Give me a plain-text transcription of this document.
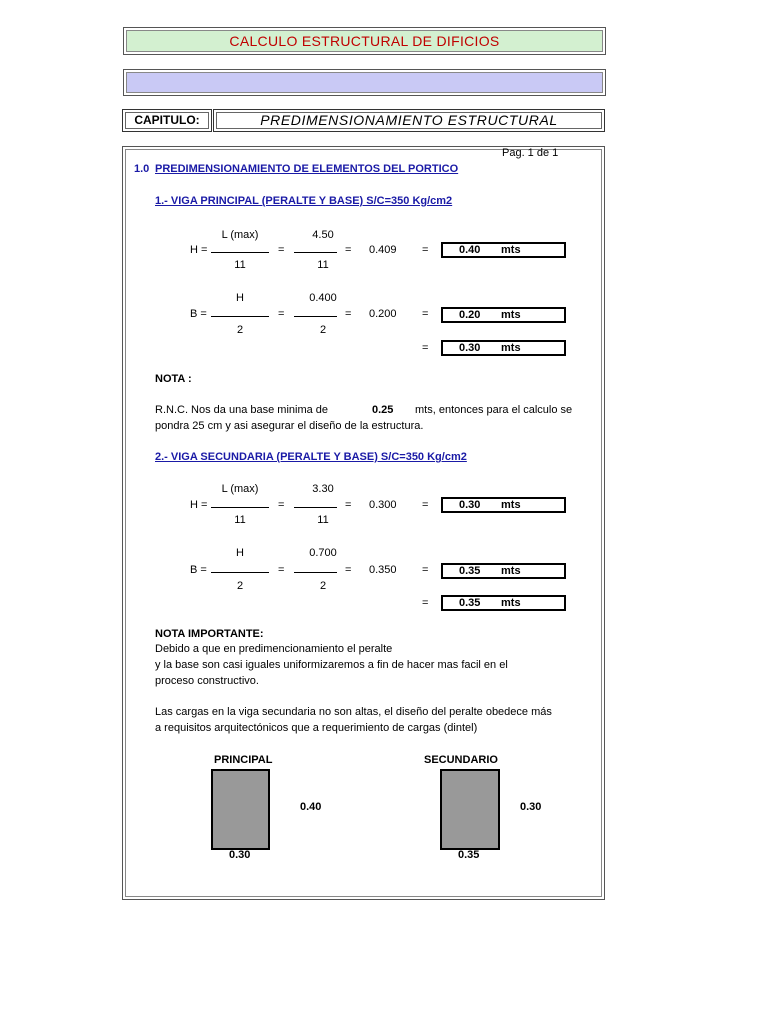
CALCULO ESTRUCTURAL DE DIFICIOS
CAPITULO:	PREDIMENSIONAMIENTO ESTRUCTURAL
Pag. 1 de 1
1.0 PREDIMENSIONAMIENTO DE ELEMENTOS DEL PORTICO
1.- VIGA PRINCIPAL (PERALTE Y BASE) S/C=350 Kg/cm2
H =
L (max)
11
=
4.50
11
= 0.409 =	0.40 mts
B =
H
2
=
0.400
2
= 0.200 =	0.20 mts
=	0.30 mts
NOTA :
R.N.C. Nos da una base minima de	0.25 mts, entonces para el calculo se
pondra 25 cm y asi asegurar el diseño de la estructura.
2.- VIGA SECUNDARIA (PERALTE Y BASE) S/C=350 Kg/cm2
H =
L (max)
11
=
3.30
11
= 0.300 =	0.30 mts
B =
H
2
=
0.700
2
= 0.350 =	0.35 mts
=	0.35 mts
NOTA IMPORTANTE:
Debido a que en predimencionamiento el peralte
y la base son casi iguales uniformizaremos a fin de hacer mas facil en el
proceso constructivo.
Las cargas en la viga secundaria no son altas, el diseño del peralte obedece más
a requisitos arquitectónicos que a requerimiento de cargas (dintel)
PRINCIPAL
0.40
0.30
SECUNDARIO
0.30
0.35
